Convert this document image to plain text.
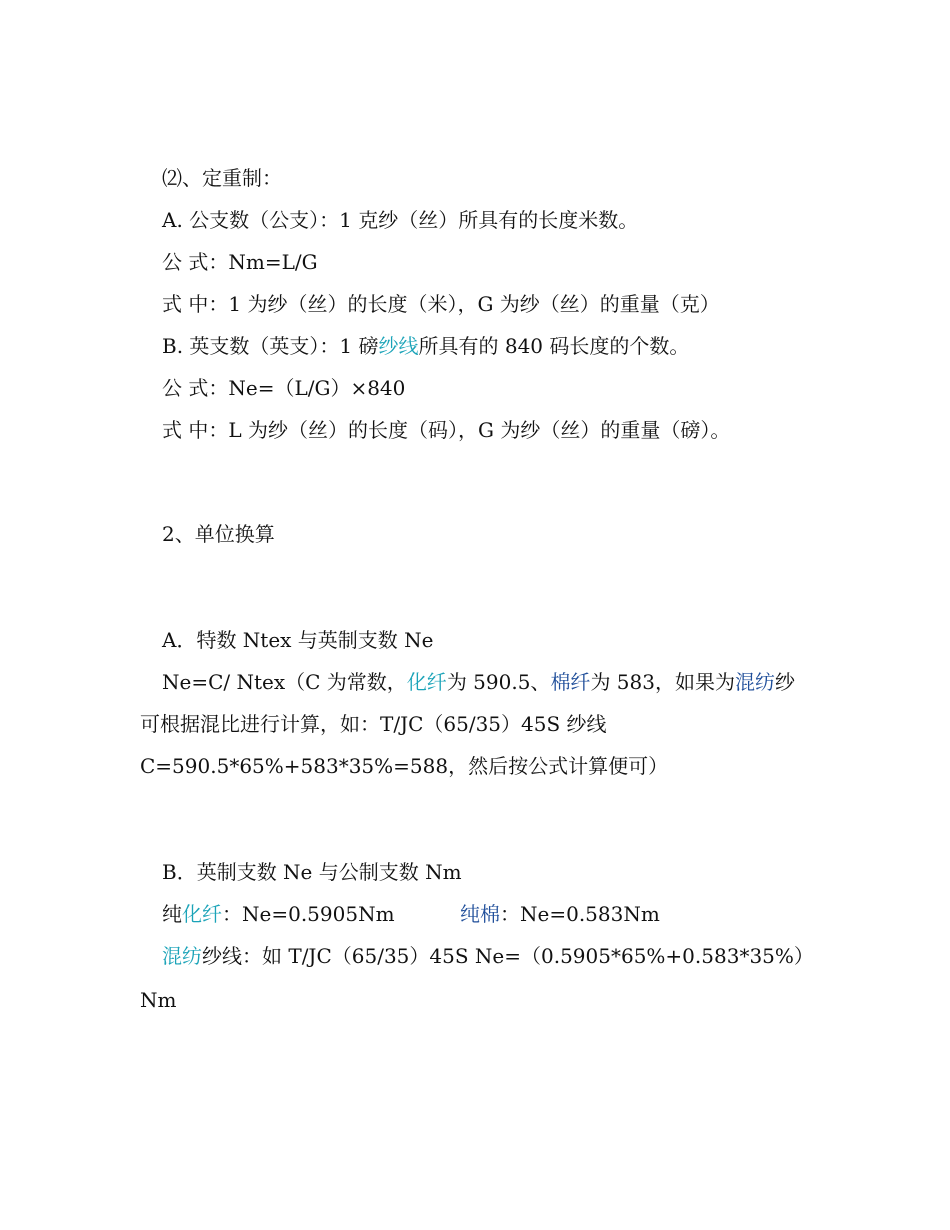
⑵、定重制：
A. 公支数（公支）：1 克纱（丝）所具有的长度米数。
公 式：Nm=L/G
式 中：1 为纱（丝）的长度（米），G 为纱（丝）的重量（克）
B. 英支数（英支）：1 磅纱线所具有的 840 码长度的个数。
公 式：Ne=（L/G）×840
式 中：L 为纱（丝）的长度（码），G 为纱（丝）的重量（磅）。
2、单位换算
A．特数 Ntex 与英制支数 Ne
Ne=C/ Ntex（C 为常数，化纤为 590.5、棉纤为 583，如果为混纺纱
可根据混比进行计算，如：T/JC（65/35）45S 纱线
C=590.5*65%+583*35%=588，然后按公式计算便可）
B．英制支数 Ne 与公制支数 Nm
纯化纤：Ne=0.5905Nm	纯棉：Ne=0.583Nm
混纺纱线：如 T/JC（65/35）45S Ne=（0.5905*65%+0.583*35%）
Nm
